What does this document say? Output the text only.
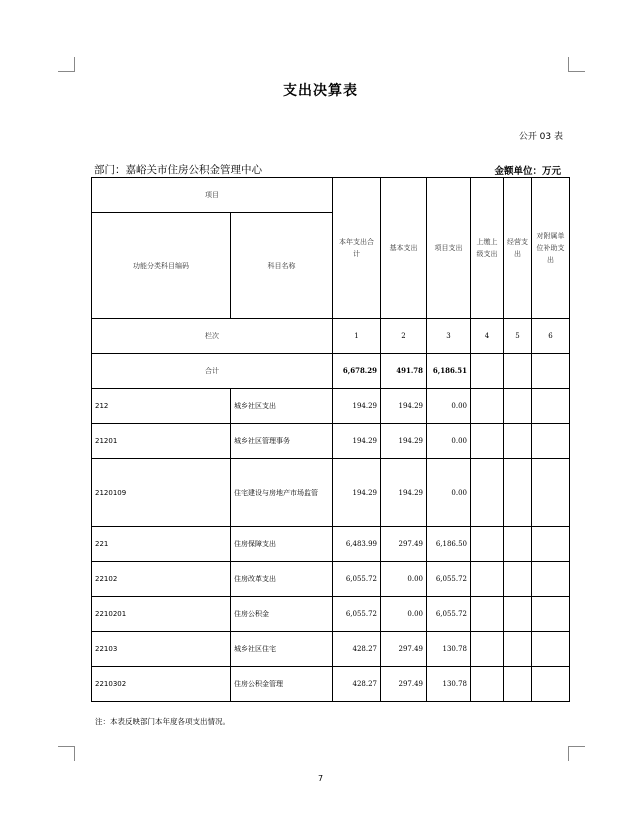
支出决算表
公开 03 表
部门：嘉峪关市住房公积金管理中心	金额单位：万元
项目		本年支出合计	基本支出	项目支出	上缴上级支出	经营支出	对附属单位补助支出
功能分类科目编码	科目名称						

栏次		1	2	3	4	5	6
合计		6,678.29	491.78	6,186.51			
212	城乡社区支出	194.29	194.29	0.00			
21201	城乡社区管理事务	194.29	194.29	0.00			
2120109	住宅建设与房地产市场监管	194.29	194.29	0.00			
221	住房保障支出	6,483.99	297.49	6,186.50			
22102	住房改革支出	6,055.72	0.00	6,055.72			
2210201	住房公积金	6,055.72	0.00	6,055.72			
22103	城乡社区住宅	428.27	297.49	130.78			
2210302	住房公积金管理	428.27	297.49	130.78			
注：本表反映部门本年度各项支出情况。
7
